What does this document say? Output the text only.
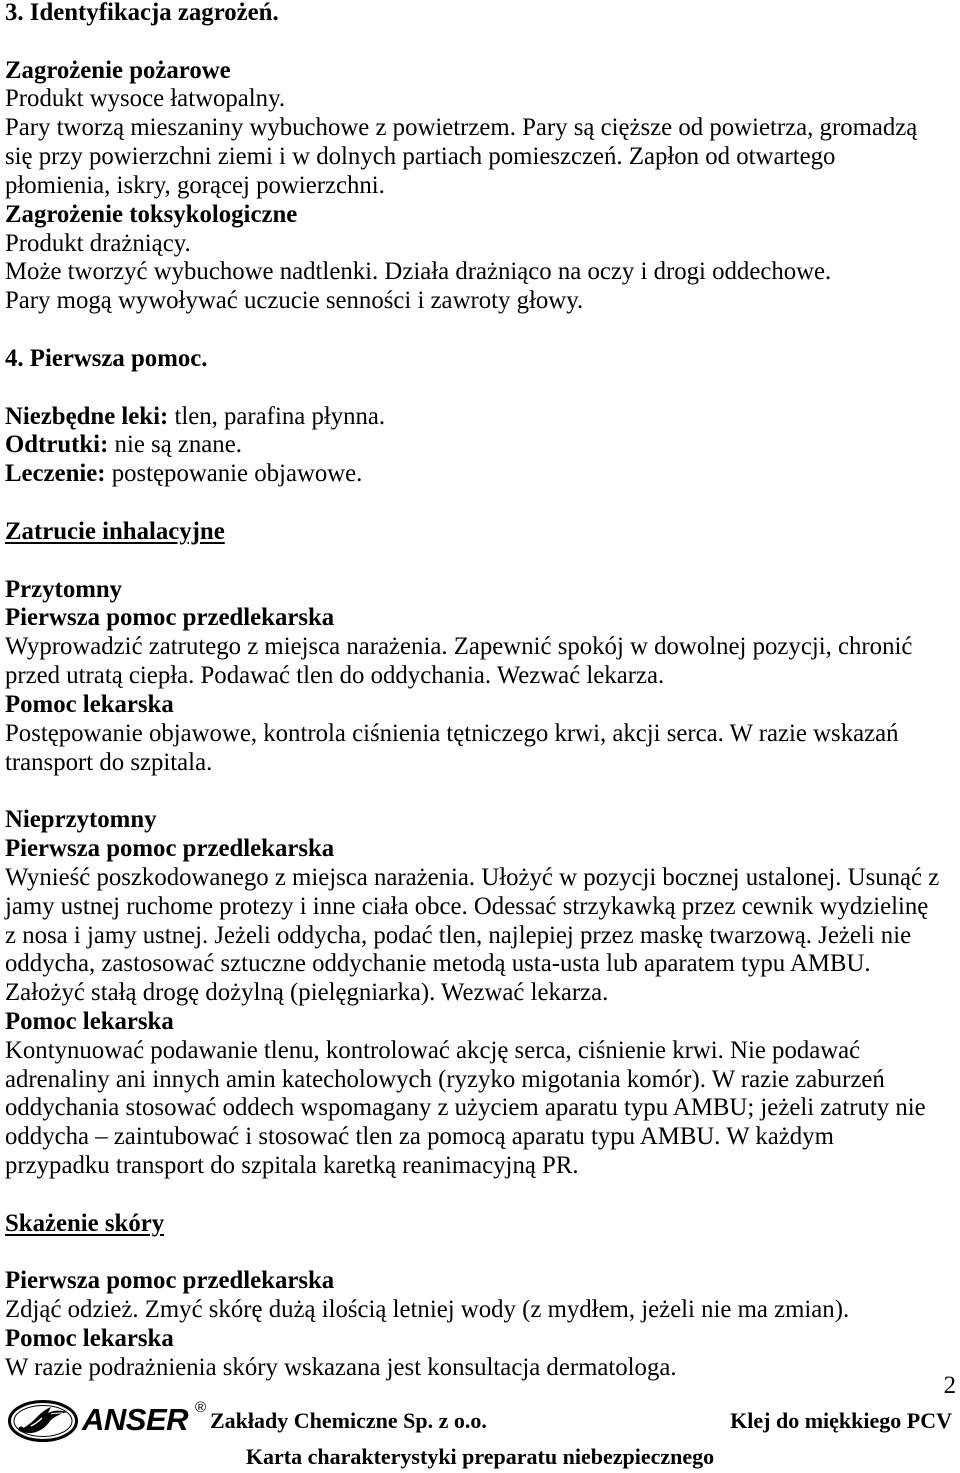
3. Identyfikacja zagrożeń.
Zagrożenie pożarowe
Produkt wysoce łatwopalny.
Pary tworzą mieszaniny wybuchowe z powietrzem. Pary są cięższe od powietrza, gromadzą
się przy powierzchni ziemi i w dolnych partiach pomieszczeń. Zapłon od otwartego
płomienia, iskry, gorącej powierzchni.
Zagrożenie toksykologiczne
Produkt drażniący.
Może tworzyć wybuchowe nadtlenki. Działa drażniąco na oczy i drogi oddechowe.
Pary mogą wywoływać uczucie senności i zawroty głowy.
4. Pierwsza pomoc.
Niezbędne leki: tlen, parafina płynna.
Odtrutki: nie są znane.
Leczenie: postępowanie objawowe.
Zatrucie inhalacyjne
Przytomny
Pierwsza pomoc przedlekarska
Wyprowadzić zatrutego z miejsca narażenia. Zapewnić spokój w dowolnej pozycji, chronić
przed utratą ciepła. Podawać tlen do oddychania. Wezwać lekarza.
Pomoc lekarska
Postępowanie objawowe, kontrola ciśnienia tętniczego krwi, akcji serca. W razie wskazań
transport do szpitala.
Nieprzytomny
Pierwsza pomoc przedlekarska
Wynieść poszkodowanego z miejsca narażenia. Ułożyć w pozycji bocznej ustalonej. Usunąć z
jamy ustnej ruchome protezy i inne ciała obce. Odessać strzykawką przez cewnik wydzielinę
z nosa i jamy ustnej. Jeżeli oddycha, podać tlen, najlepiej przez maskę twarzową. Jeżeli nie
oddycha, zastosować sztuczne oddychanie metodą usta-usta lub aparatem typu AMBU.
Założyć stałą drogę dożylną (pielęgniarka). Wezwać lekarza.
Pomoc lekarska
Kontynuować podawanie tlenu, kontrolować akcję serca, ciśnienie krwi. Nie podawać
adrenaliny ani innych amin katecholowych (ryzyko migotania komór). W razie zaburzeń
oddychania stosować oddech wspomagany z użyciem aparatu typu AMBU; jeżeli zatruty nie
oddycha – zaintubować i stosować tlen za pomocą aparatu typu AMBU. W każdym
przypadku transport do szpitala karetką reanimacyjną PR.
Skażenie skóry
Pierwsza pomoc przedlekarska
Zdjąć odzież. Zmyć skórę dużą ilością letniej wody (z mydłem, jeżeli nie ma zmian).
Pomoc lekarska
W razie podrażnienia skóry wskazana jest konsultacja dermatologa.
2
ANSER ®
Zakłady Chemiczne Sp. z o.o.	Klej do miękkiego PCV
Karta charakterystyki preparatu niebezpiecznego
